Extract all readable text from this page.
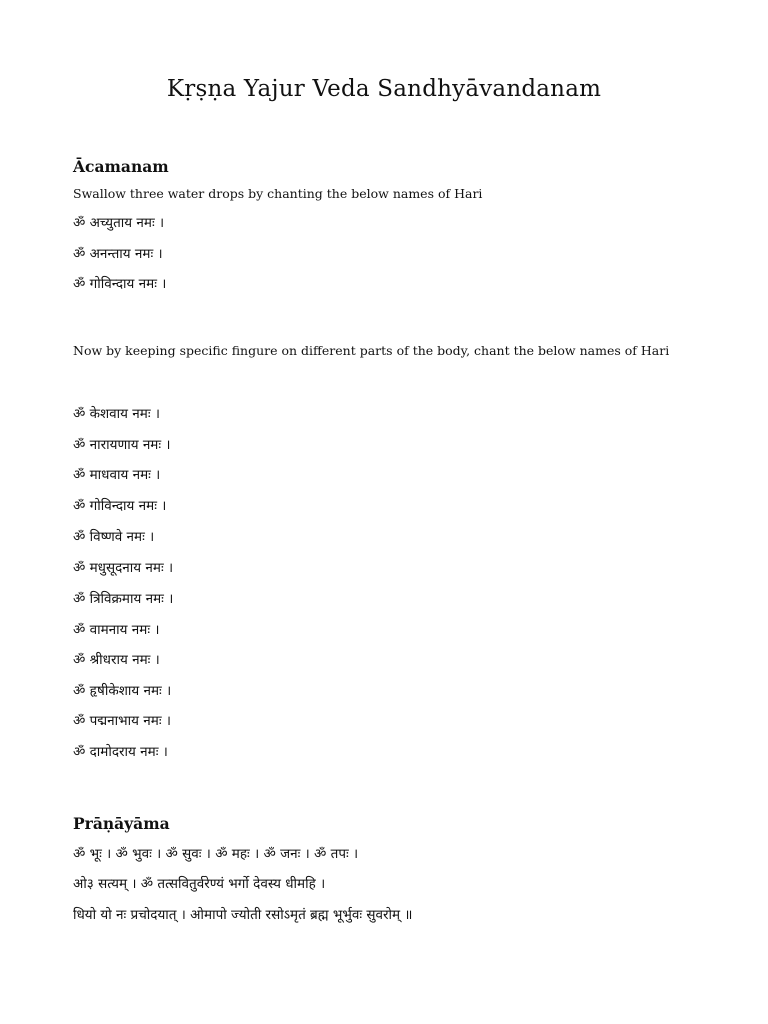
Kṛṣṇa Yajur Veda Sandhyāvandanam
Ācamanam
Swallow three water drops by chanting the below names of Hari
ॐ अच्युताय नमः ।
ॐ अनन्ताय नमः ।
ॐ गोविन्दाय नमः ।
Now by keeping specific fingure on different parts of the body, chant the below names of Hari
ॐ केशवाय नमः ।
ॐ नारायणाय नमः ।
ॐ माधवाय नमः ।
ॐ गोविन्दाय नमः ।
ॐ विष्णवे नमः ।
ॐ मधुसूदनाय नमः ।
ॐ त्रिविक्रमाय नमः ।
ॐ वामनाय नमः ।
ॐ श्रीधराय नमः ।
ॐ हृषीकेशाय नमः ।
ॐ पद्मनाभाय नमः ।
ॐ दामोदराय नमः ।
Prāṇāyāma
ॐ भूः । ॐ भुवः । ॐ सुवः । ॐ महः । ॐ जनः । ॐ तपः ।
ओ३ सत्यम् । ॐ तत्सवितुर्वरेण्यं भर्गो देवस्य धीमहि ।
धियो यो नः प्रचोदयात् । ओमापो ज्योती रसोऽमृतं ब्रह्म भूर्भुवः सुवरोम् ॥
